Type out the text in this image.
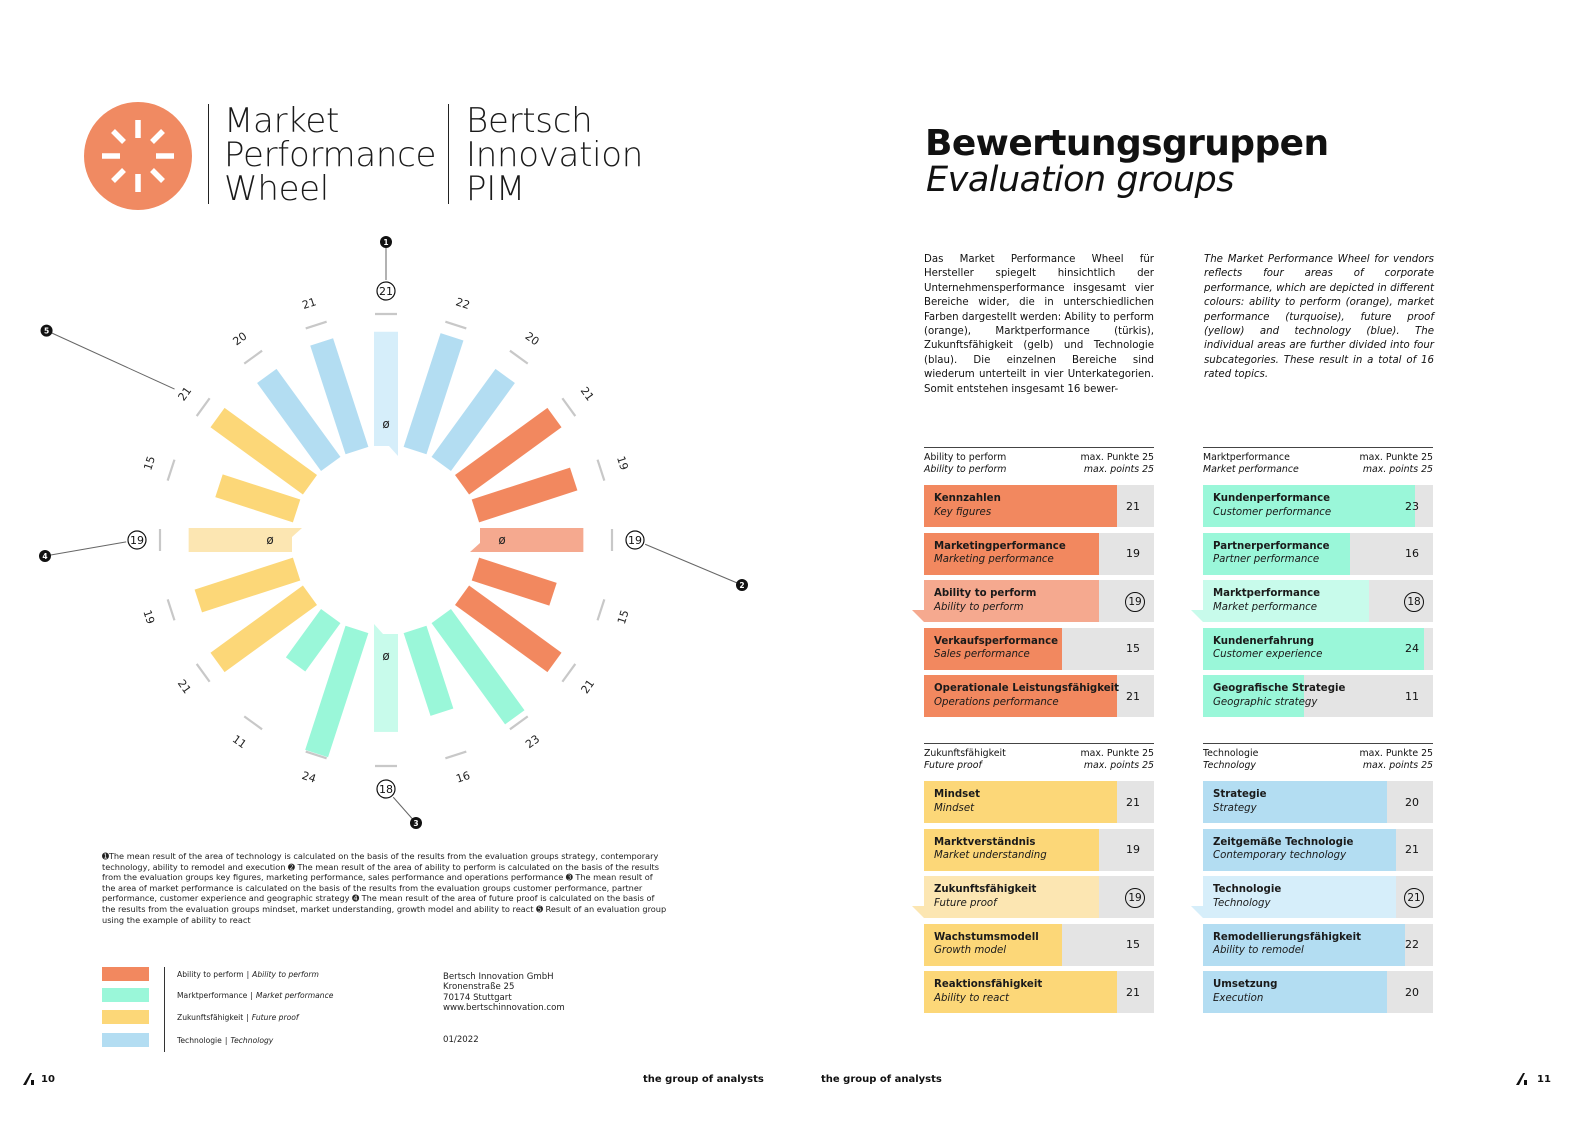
Market
Performance
Wheel
Bertsch
Innovation
PIM
ø
21
22
20
21
19
ø	19
15
21
23
16
ø
18
24
11
21
19
ø
19
15
21
20
21
1
2
3
4
5
➊The mean result of the area of technology is calculated on the basis of the results from the evaluation groups strategy, contemporary technology, ability to remodel and execution ➋ The mean result of the area of ability to perform is calculated on the basis of the results from the evaluation groups key figures, marketing performance, sales performance and operations performance ➌ The mean result of the area of market performance is calculated on the basis of the results from the evaluation groups customer performance, partner performance, customer experience and geographic strategy ➍ The mean result of the area of future proof is calculated on the basis of the results from the evaluation groups mindset, market understanding, growth model and ability to react ➎ Result of an evaluation group using the example of ability to react
Ability to perform | Ability to perform
Marktperformance | Market performance
Zukunftsfähigkeit | Future proof
Technologie | Technology
Bertsch Innovation GmbH
Kronenstraße 25
70174 Stuttgart
www.bertschinnovation.com
01/2022
10	the group of analysts	the group of analysts	11
Bewertungsgruppen
Evaluation groups
Das Market Performance Wheel für Hersteller spiegelt hinsichtlich der Unternehmensperformance insgesamt vier Bereiche wider, die in unterschiedlichen Farben dargestellt werden: Ability to perform (orange), Marktperformance (türkis), Zukunftsfähigkeit (gelb) und Technologie (blau). Die einzelnen Bereiche sind wiederum unterteilt in vier Unterkategorien. Somit entstehen insgesamt 16 bewer-
The Market Performance Wheel for vendors reflects four areas of corporate performance, which are depicted in different colours: ability to perform (orange), market performance (turquoise), future proof (yellow) and technology (blue). The individual areas are further divided into four subcategories. These result in a total of 16 rated topics.
Ability to perform
Ability to perform
max. Punkte 25
max. points 25
Kennzahlen
Key figures	21
Marketingperformance
Marketing performance	19
Ability to perform
Ability to perform	19
Verkaufsperformance
Sales performance	15
Operationale Leistungsfähigkeit
Operations performance	21
Marktperformance
Market performance
max. Punkte 25
max. points 25
Kundenperformance
Customer performance	23
Partnerperformance
Partner performance	16
Marktperformance
Market performance	18
Kundenerfahrung
Customer experience	24
Geografische Strategie
Geographic strategy	11
Zukunftsfähigkeit
Future proof
max. Punkte 25
max. points 25
Mindset
Mindset	21
Marktverständnis
Market understanding	19
Zukunftsfähigkeit
Future proof	19
Wachstumsmodell
Growth model	15
Reaktionsfähigkeit
Ability to react	21
Technologie
Technology
max. Punkte 25
max. points 25
Strategie
Strategy	20
Zeitgemäße Technologie
Contemporary technology	21
Technologie
Technology	21
Remodellierungsfähigkeit
Ability to remodel	22
Umsetzung
Execution	20
